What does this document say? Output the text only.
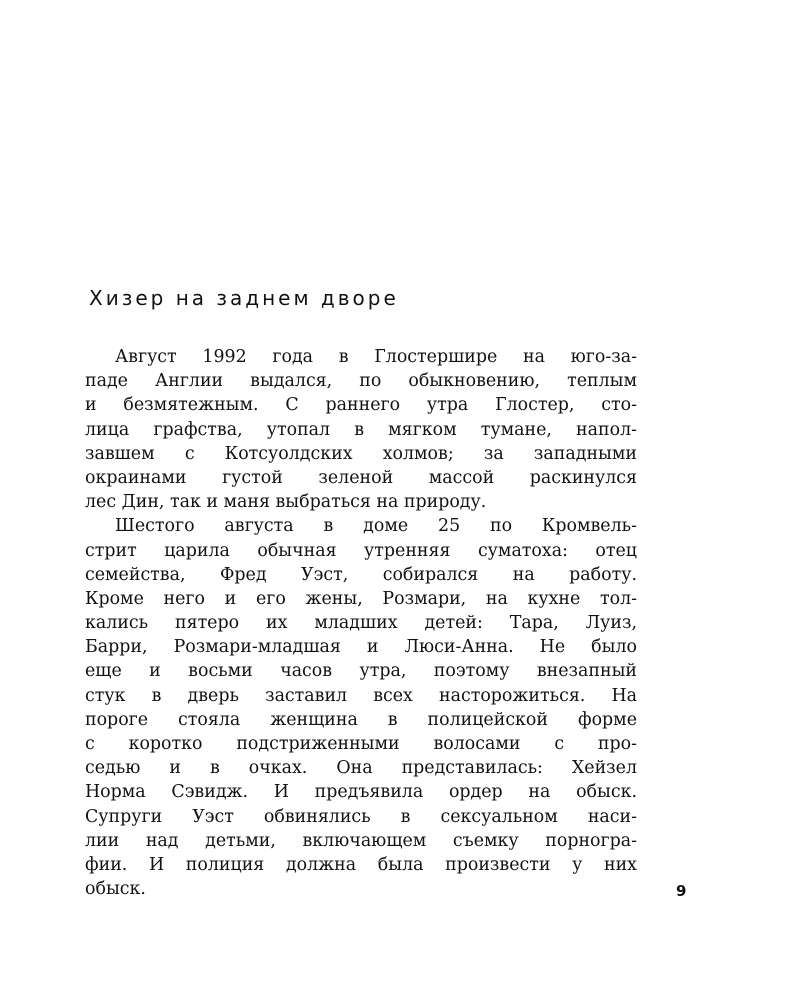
Хизер на заднем дворе
Август 1992 года в Глостершире на юго-за-
паде Англии выдался, по обыкновению, теплым
и безмятежным. С раннего утра Глостер, сто-
лица графства, утопал в мягком тумане, напол-
завшем с Котсуолдских холмов; за западными
окраинами густой зеленой массой раскинулся
лес Дин, так и маня выбраться на природу.
Шестого августа в доме 25 по Кромвель-
стрит царила обычная утренняя суматоха: отец
семейства, Фред Уэст, собирался на работу.
Кроме него и его жены, Розмари, на кухне тол-
кались пятеро их младших детей: Тара, Луиз,
Барри, Розмари-младшая и Люси-Анна. Не было
еще и восьми часов утра, поэтому внезапный
стук в дверь заставил всех насторожиться. На
пороге стояла женщина в полицейской форме
с коротко подстриженными волосами с про-
седью и в очках. Она представилась: Хейзел
Норма Сэвидж. И предъявила ордер на обыск.
Супруги Уэст обвинялись в сексуальном наси-
лии над детьми, включающем съемку порногра-
фии. И полиция должна была произвести у них
обыск.	9
